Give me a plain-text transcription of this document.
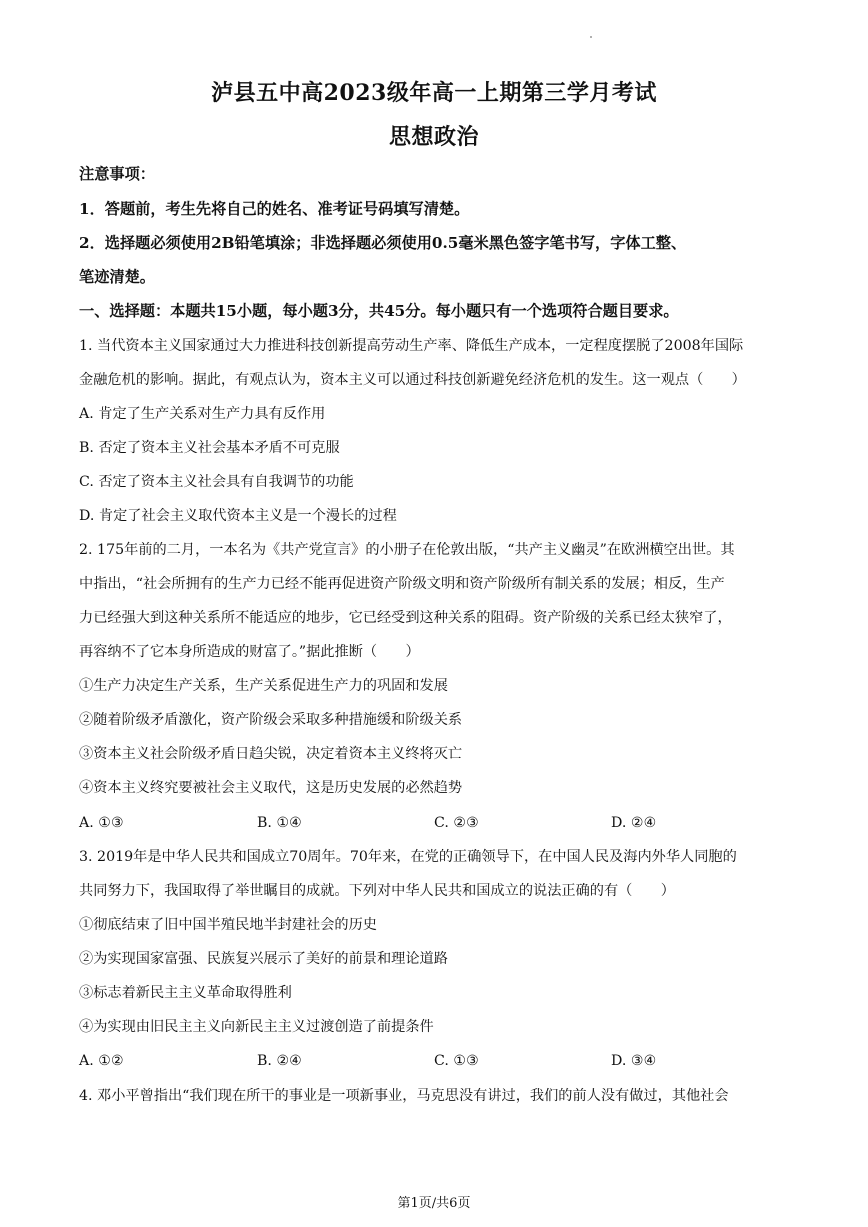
泸县五中高2023级年高一上期第三学月考试
思想政治
注意事项：
1．答题前，考生先将自己的姓名、准考证号码填写清楚。
2．选择题必须使用2B铅笔填涂；非选择题必须使用0.5毫米黑色签字笔书写，字体工整、
笔迹清楚。
一、选择题：本题共15小题，每小题3分，共45分。每小题只有一个选项符合题目要求。
1. 当代资本主义国家通过大力推进科技创新提高劳动生产率、降低生产成本，一定程度摆脱了2008年国际
金融危机的影响。据此，有观点认为，资本主义可以通过科技创新避免经济危机的发生。这一观点（　　）
A. 肯定了生产关系对生产力具有反作用
B. 否定了资本主义社会基本矛盾不可克服
C. 否定了资本主义社会具有自我调节的功能
D. 肯定了社会主义取代资本主义是一个漫长的过程
2. 175年前的二月，一本名为《共产党宣言》的小册子在伦敦出版，“共产主义幽灵”在欧洲横空出世。其
中指出，“社会所拥有的生产力已经不能再促进资产阶级文明和资产阶级所有制关系的发展；相反，生产
力已经强大到这种关系所不能适应的地步，它已经受到这种关系的阻碍。资产阶级的关系已经太狭窄了，
再容纳不了它本身所造成的财富了。”据此推断（　　）
①生产力决定生产关系，生产关系促进生产力的巩固和发展
②随着阶级矛盾激化，资产阶级会采取多种措施缓和阶级关系
③资本主义社会阶级矛盾日趋尖锐，决定着资本主义终将灭亡
④资本主义终究要被社会主义取代，这是历史发展的必然趋势
A. ①③	B. ①④	C. ②③	D. ②④
3. 2019年是中华人民共和国成立70周年。70年来，在党的正确领导下，在中国人民及海内外华人同胞的
共同努力下，我国取得了举世瞩目的成就。下列对中华人民共和国成立的说法正确的有（　　）
①彻底结束了旧中国半殖民地半封建社会的历史
②为实现国家富强、民族复兴展示了美好的前景和理论道路
③标志着新民主主义革命取得胜利
④为实现由旧民主主义向新民主主义过渡创造了前提条件
A. ①②	B. ②④	C. ①③	D. ③④
4. 邓小平曾指出“我们现在所干的事业是一项新事业，马克思没有讲过，我们的前人没有做过，其他社会
第1页/共6页
